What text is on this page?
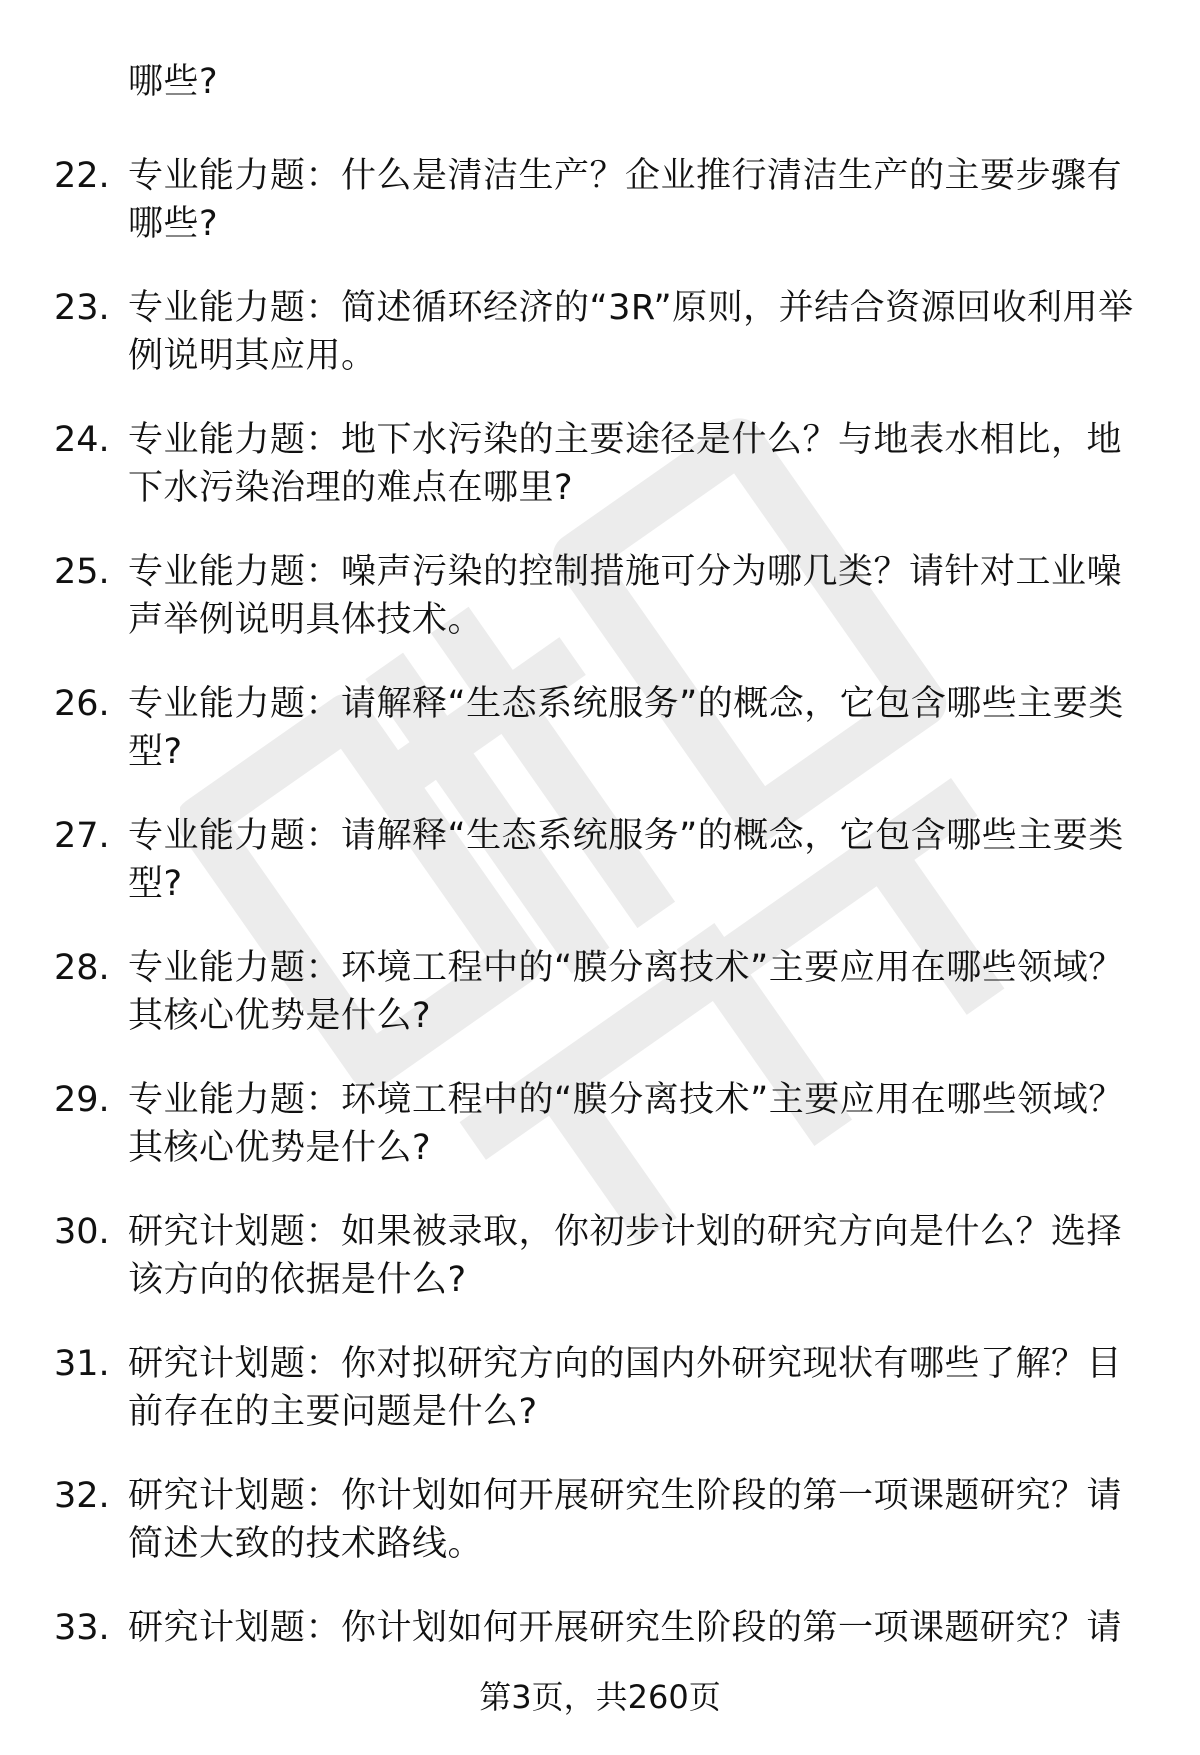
哪些?
22. 专业能力题：什么是清洁生产？企业推行清洁生产的主要步骤有哪些?
23. 专业能力题：简述循环经济的“3R”原则，并结合资源回收利用举例说明其应用。
24. 专业能力题：地下水污染的主要途径是什么？与地表水相比，地下水污染治理的难点在哪里?
25. 专业能力题：噪声污染的控制措施可分为哪几类？请针对工业噪声举例说明具体技术。
26. 专业能力题：请解释“生态系统服务”的概念，它包含哪些主要类型?
27. 专业能力题：请解释“生态系统服务”的概念，它包含哪些主要类型?
28. 专业能力题：环境工程中的“膜分离技术”主要应用在哪些领域？其核心优势是什么?
29. 专业能力题：环境工程中的“膜分离技术”主要应用在哪些领域？其核心优势是什么?
30. 研究计划题：如果被录取，你初步计划的研究方向是什么？选择该方向的依据是什么?
31. 研究计划题：你对拟研究方向的国内外研究现状有哪些了解？目前存在的主要问题是什么?
32. 研究计划题：你计划如何开展研究生阶段的第一项课题研究？请简述大致的技术路线。
33. 研究计划题：你计划如何开展研究生阶段的第一项课题研究？请
第3页，共260页
